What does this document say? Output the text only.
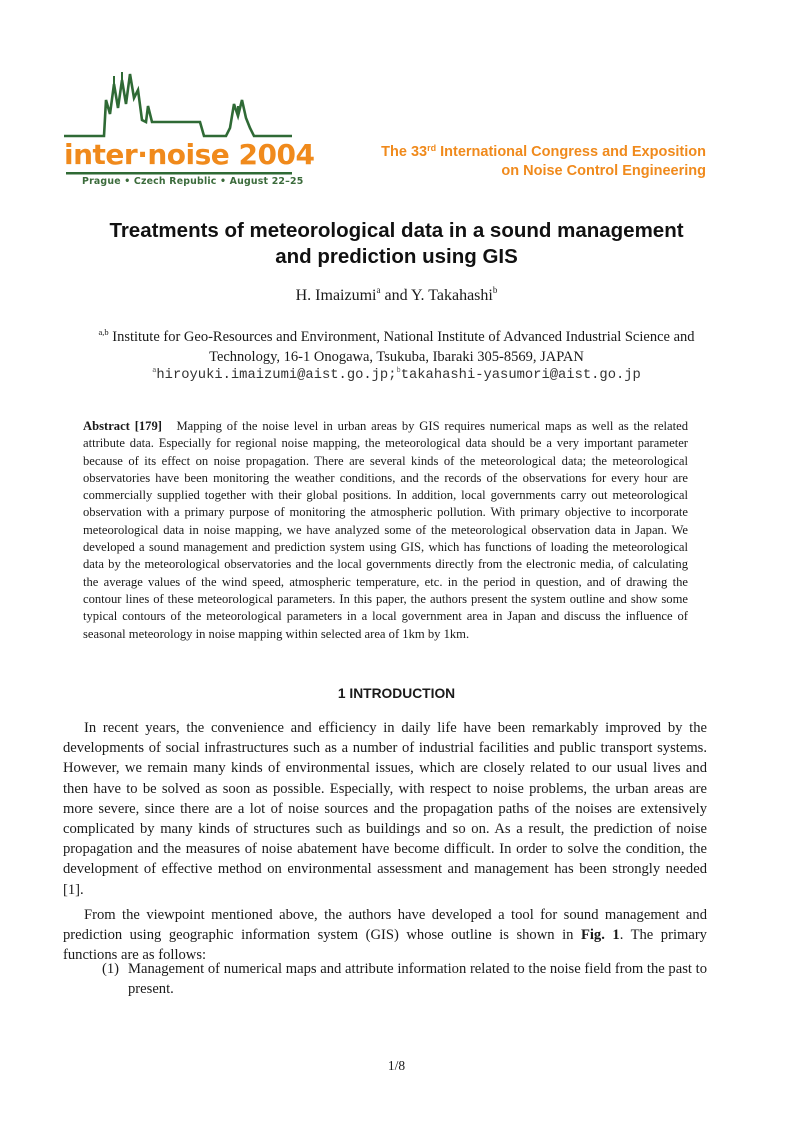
inter·noise 2004
Prague • Czech Republic • August 22–25
The 33rd International Congress and Exposition
on Noise Control Engineering
Treatments of meteorological data in a sound management
and prediction using GIS
H. Imaizumi$^a$ and Y. Takahashi$^b$
$^{a,b}$ Institute for Geo-Resources and Environment, National Institute of Advanced Industrial Science and Technology, 16-1 Onogawa, Tsukuba, Ibaraki 305-8569, JAPAN
$^a$hiroyuki.imaizumi@aist.go.jp;$^b$takahashi-yasumori@aist.go.jp
Abstract [179] Mapping of the noise level in urban areas by GIS requires numerical maps as well as the related attribute data. Especially for regional noise mapping, the meteorological data should be a very important parameter because of its effect on noise propagation. There are several kinds of the meteorological data; the meteorological observatories have been monitoring the weather conditions, and the records of the observations for every hour are commercially supplied together with their global positions. In addition, local governments carry out meteorological observation with a primary purpose of monitoring the atmospheric pollution. With primary objective to incorporate meteorological data in noise mapping, we have analyzed some of the meteorological observation data in Japan. We developed a sound management and prediction system using GIS, which has functions of loading the meteorological data by the meteorological observatories and the local governments directly from the electronic media, of calculating the average values of the wind speed, atmospheric temperature, etc. in the period in question, and of drawing the contour lines of these meteorological parameters. In this paper, the authors present the system outline and show some typical contours of the meteorological parameters in a local government area in Japan and discuss the influence of seasonal meteorology in noise mapping within selected area of 1km by 1km.
1 INTRODUCTION
In recent years, the convenience and efficiency in daily life have been remarkably improved by the developments of social infrastructures such as a number of industrial facilities and public transport systems. However, we remain many kinds of environmental issues, which are closely related to our usual lives and then have to be solved as soon as possible. Especially, with respect to noise problems, the urban areas are more severe, since there are a lot of noise sources and the propagation paths of the noises are extensively complicated by many kinds of structures such as buildings and so on. As a result, the prediction of noise propagation and the measures of noise abatement have become difficult. In order to solve the condition, the development of effective method on environmental assessment and management has been strongly needed [1].
From the viewpoint mentioned above, the authors have developed a tool for sound management and prediction using geographic information system (GIS) whose outline is shown in Fig. 1. The primary functions are as follows:
(1) Management of numerical maps and attribute information related to the noise field from the past to present.
1/8
